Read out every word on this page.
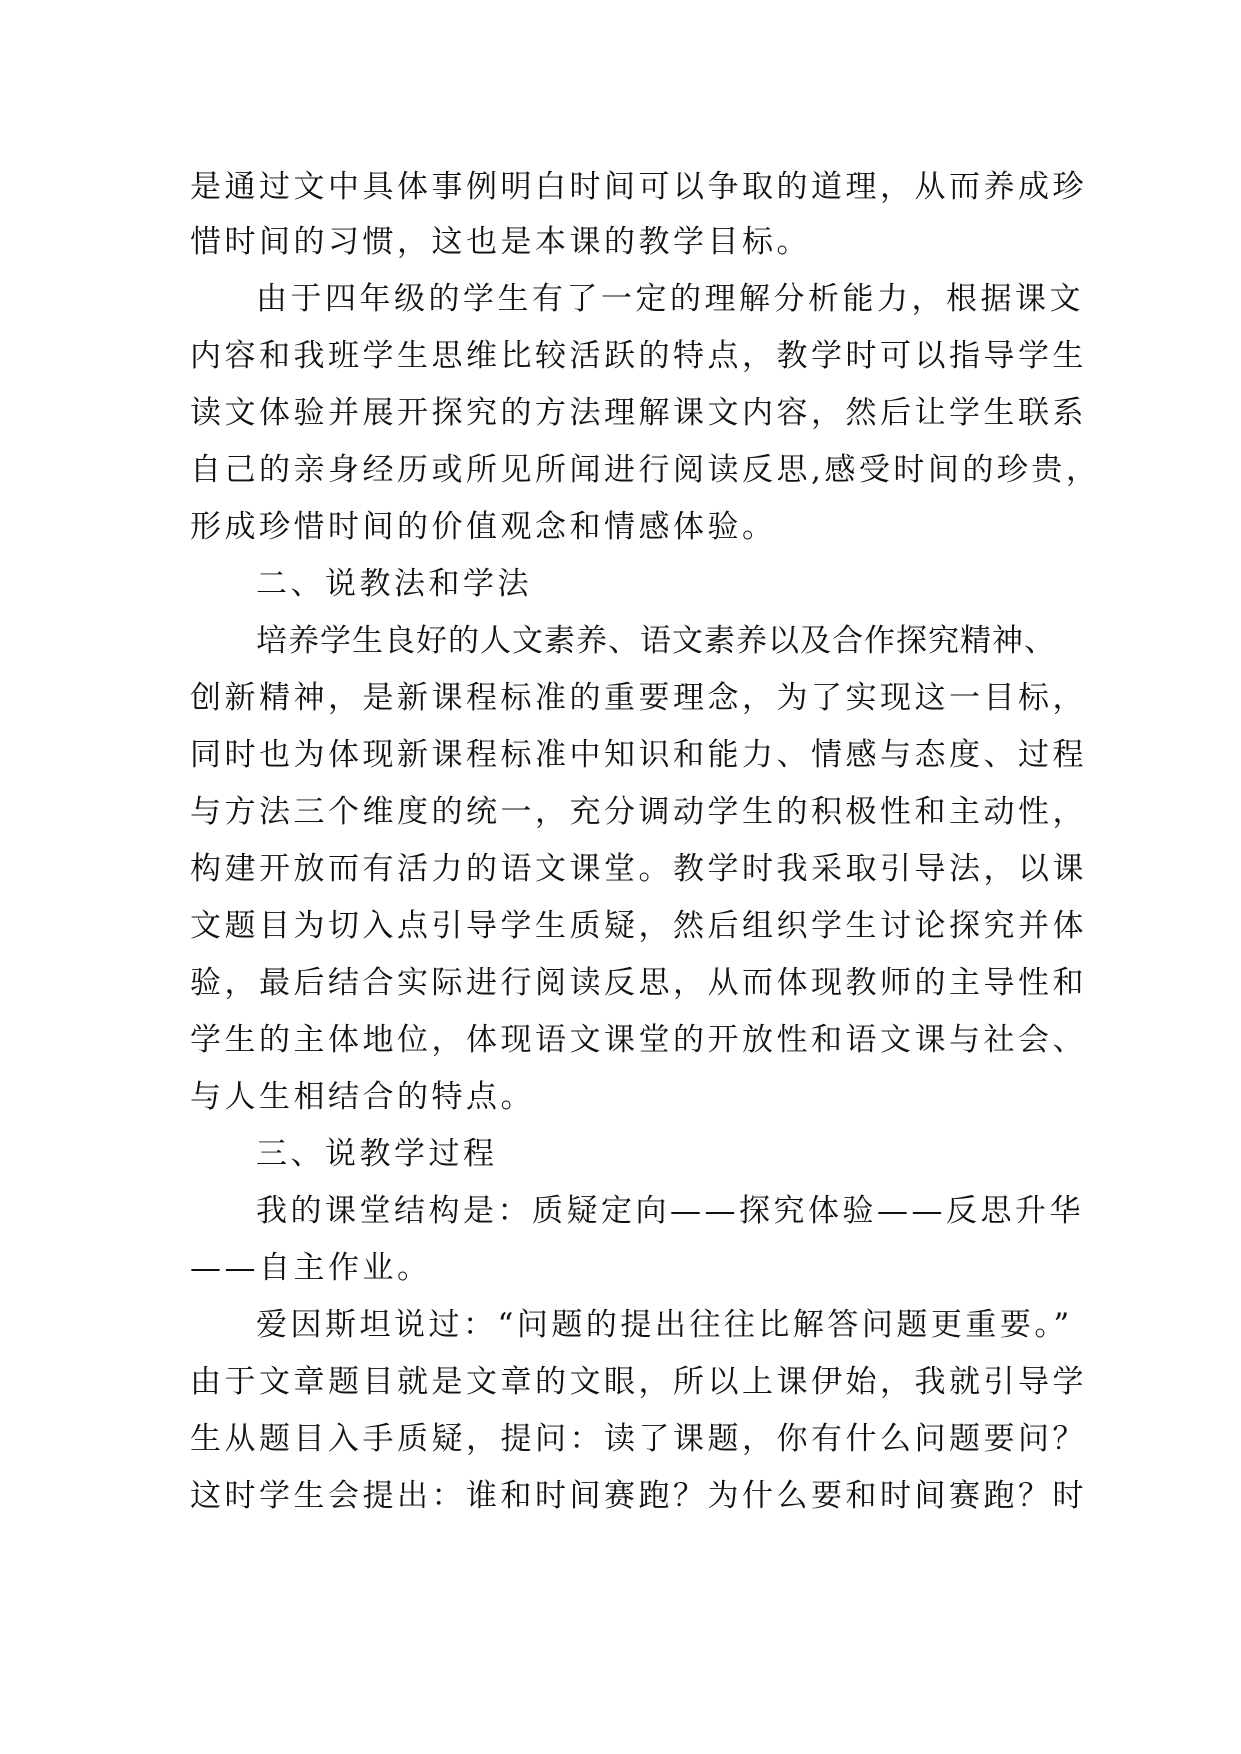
是通过文中具体事例明白时间可以争取的道理，从而养成珍
惜时间的习惯，这也是本课的教学目标。
由于四年级的学生有了一定的理解分析能力，根据课文
内容和我班学生思维比较活跃的特点，教学时可以指导学生
读文体验并展开探究的方法理解课文内容，然后让学生联系
自己的亲身经历或所见所闻进行阅读反思,感受时间的珍贵，
形成珍惜时间的价值观念和情感体验。
二、说教法和学法
培养学生良好的人文素养、语文素养以及合作探究精神、
创新精神，是新课程标准的重要理念，为了实现这一目标，
同时也为体现新课程标准中知识和能力、情感与态度、过程
与方法三个维度的统一，充分调动学生的积极性和主动性，
构建开放而有活力的语文课堂。教学时我采取引导法，以课
文题目为切入点引导学生质疑，然后组织学生讨论探究并体
验，最后结合实际进行阅读反思，从而体现教师的主导性和
学生的主体地位，体现语文课堂的开放性和语文课与社会、
与人生相结合的特点。
三、说教学过程
我的课堂结构是：质疑定向——探究体验——反思升华
——自主作业。
爱因斯坦说过：“问题的提出往往比解答问题更重要。”
由于文章题目就是文章的文眼，所以上课伊始，我就引导学
生从题目入手质疑，提问：读了课题，你有什么问题要问？
这时学生会提出：谁和时间赛跑？为什么要和时间赛跑？时
